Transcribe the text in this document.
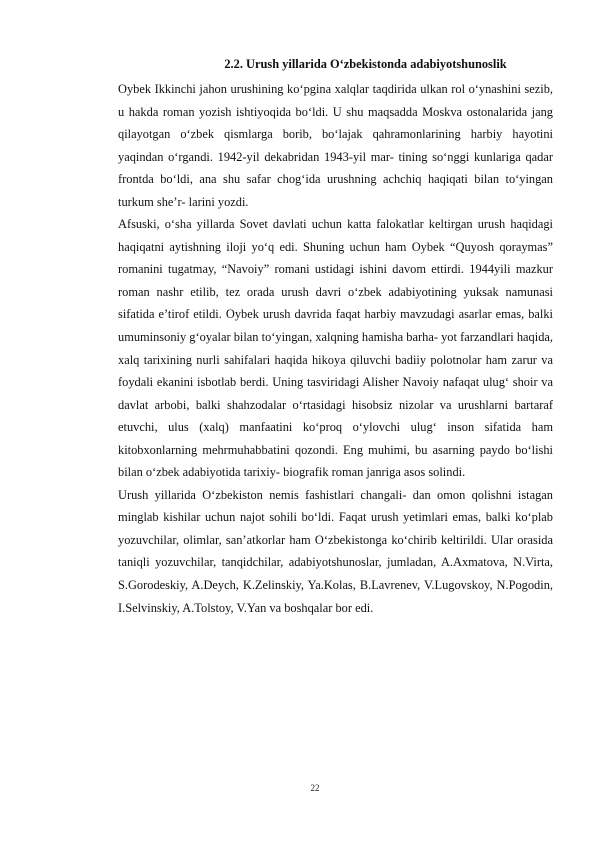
2.2. Urush yillarida O‘zbekistonda adabiyotshunoslik

Oybek Ikkinchi jahon urushining ko‘pgina xalqlar taqdirida ulkan rol o‘ynashini sezib, u hakda roman yozish ishtiyoqida bo‘ldi. U shu maqsadda Moskva ostonalarida jang qilayotgan o‘zbek qismlarga borib, bo‘lajak qahramonlarining harbiy hayotini yaqindan o‘rgandi. 1942-yil dekabridan 1943-yil mar- tining so‘nggi kunlariga qadar frontda bo‘ldi, ana shu safar chog‘ida urushning achchiq haqiqati bilan to‘yingan turkum she’r- larini yozdi.

Afsuski, o‘sha yillarda Sovet davlati uchun katta falokatlar keltirgan urush haqidagi haqiqatni aytishning iloji yo‘q edi. Shuning uchun ham Oybek “Quyosh qoraymas” romanini tugatmay, “Navoiy” romani ustidagi ishini davom ettirdi. 1944yili mazkur roman nashr etilib, tez orada urush davri o‘zbek adabiyotining yuksak namunasi sifatida e’tirof etildi. Oybek urush davrida faqat harbiy mavzudagi asarlar emas, balki umuminsoniy g‘oyalar bilan to‘yingan, xalqning hamisha barha- yot farzandlari haqida, xalq tarixining nurli sahifalari haqida hikoya qiluvchi badiiy polotnolar ham zarur va foydali ekanini isbotlab berdi. Uning tasviridagi Alisher Navoiy nafaqat ulug‘ shoir va davlat arbobi, balki shahzodalar o‘rtasidagi hisobsiz nizolar va urushlarni bartaraf etuvchi, ulus (xalq) manfaatini ko‘proq o‘ylovchi ulug‘ inson sifatida ham kitobxonlarning mehrmuhabbatini qozondi. Eng muhimi, bu asarning paydo bo‘lishi bilan o‘zbek adabiyotida tarixiy- biografik roman janriga asos solindi.

Urush yillarida O‘zbekiston nemis fashistlari changali- dan omon qolishni istagan minglab kishilar uchun najot sohili bo‘ldi. Faqat urush yetimlari emas, balki ko‘plab yozuvchilar, olimlar, san’atkorlar ham O‘zbekistonga ko‘chirib keltirildi. Ular orasida taniqli yozuvchilar, tanqidchilar, adabiyotshunoslar, jumladan, A.Axmatova, N.Virta, S.Gorodeskiy, A.Deych, K.Zelinskiy, Ya.Kolas, B.Lavrenev, V.Lugovskoy, N.Pogodin, I.Selvinskiy, A.Tolstoy, V.Yan va boshqalar bor edi.

22
